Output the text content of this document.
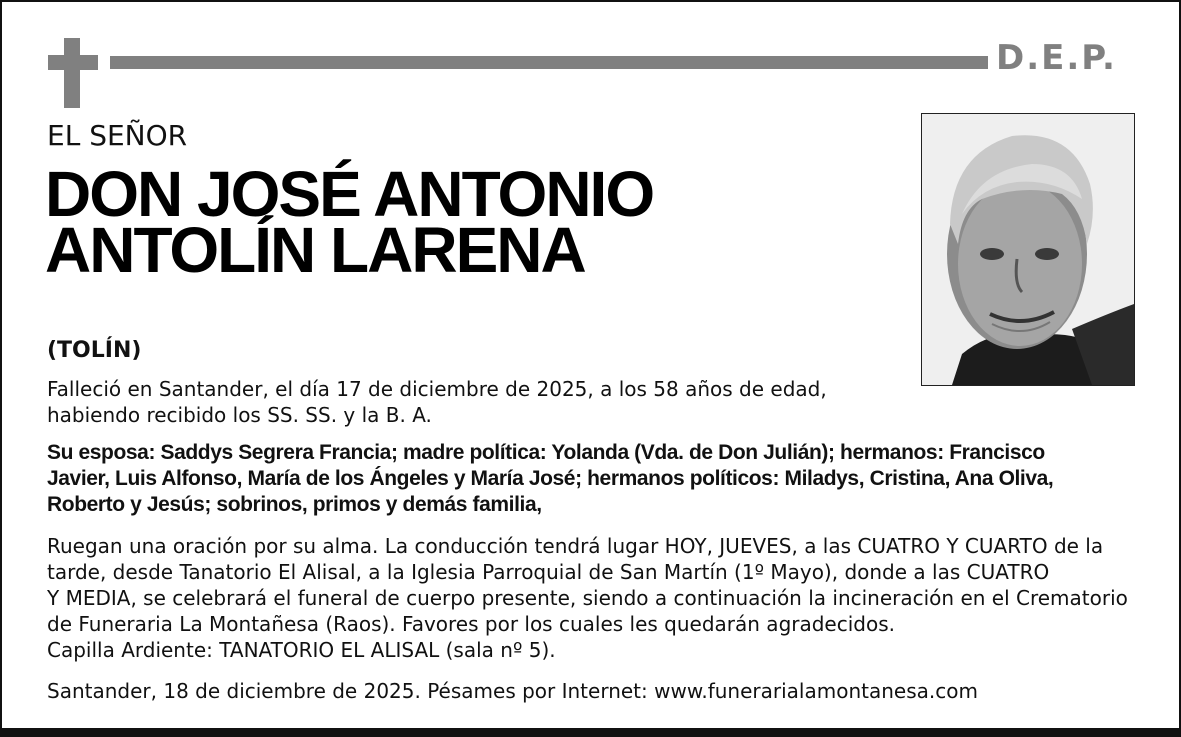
D.E.P.
EL SEÑOR
DON JOSÉ ANTONIO
ANTOLÍN LARENA
(TOLÍN)
Falleció en Santander, el día 17 de diciembre de 2025, a los 58 años de edad,
habiendo recibido los SS. SS. y la B. A.
Su esposa: Saddys Segrera Francia; madre política: Yolanda (Vda. de Don Julián); hermanos: Francisco
Javier, Luis Alfonso, María de los Ángeles y María José; hermanos políticos: Miladys, Cristina, Ana Oliva,
Roberto y Jesús; sobrinos, primos y demás familia,
Ruegan una oración por su alma. La conducción tendrá lugar HOY, JUEVES, a las CUATRO Y CUARTO de la
tarde, desde Tanatorio El Alisal, a la Iglesia Parroquial de San Martín (1º Mayo), donde a las CUATRO
Y MEDIA, se celebrará el funeral de cuerpo presente, siendo a continuación la incineración en el Crematorio
de Funeraria La Montañesa (Raos). Favores por los cuales les quedarán agradecidos.
Capilla Ardiente: TANATORIO EL ALISAL (sala nº 5).
Santander, 18 de diciembre de 2025. Pésames por Internet: www.funerarialamontanesa.com
